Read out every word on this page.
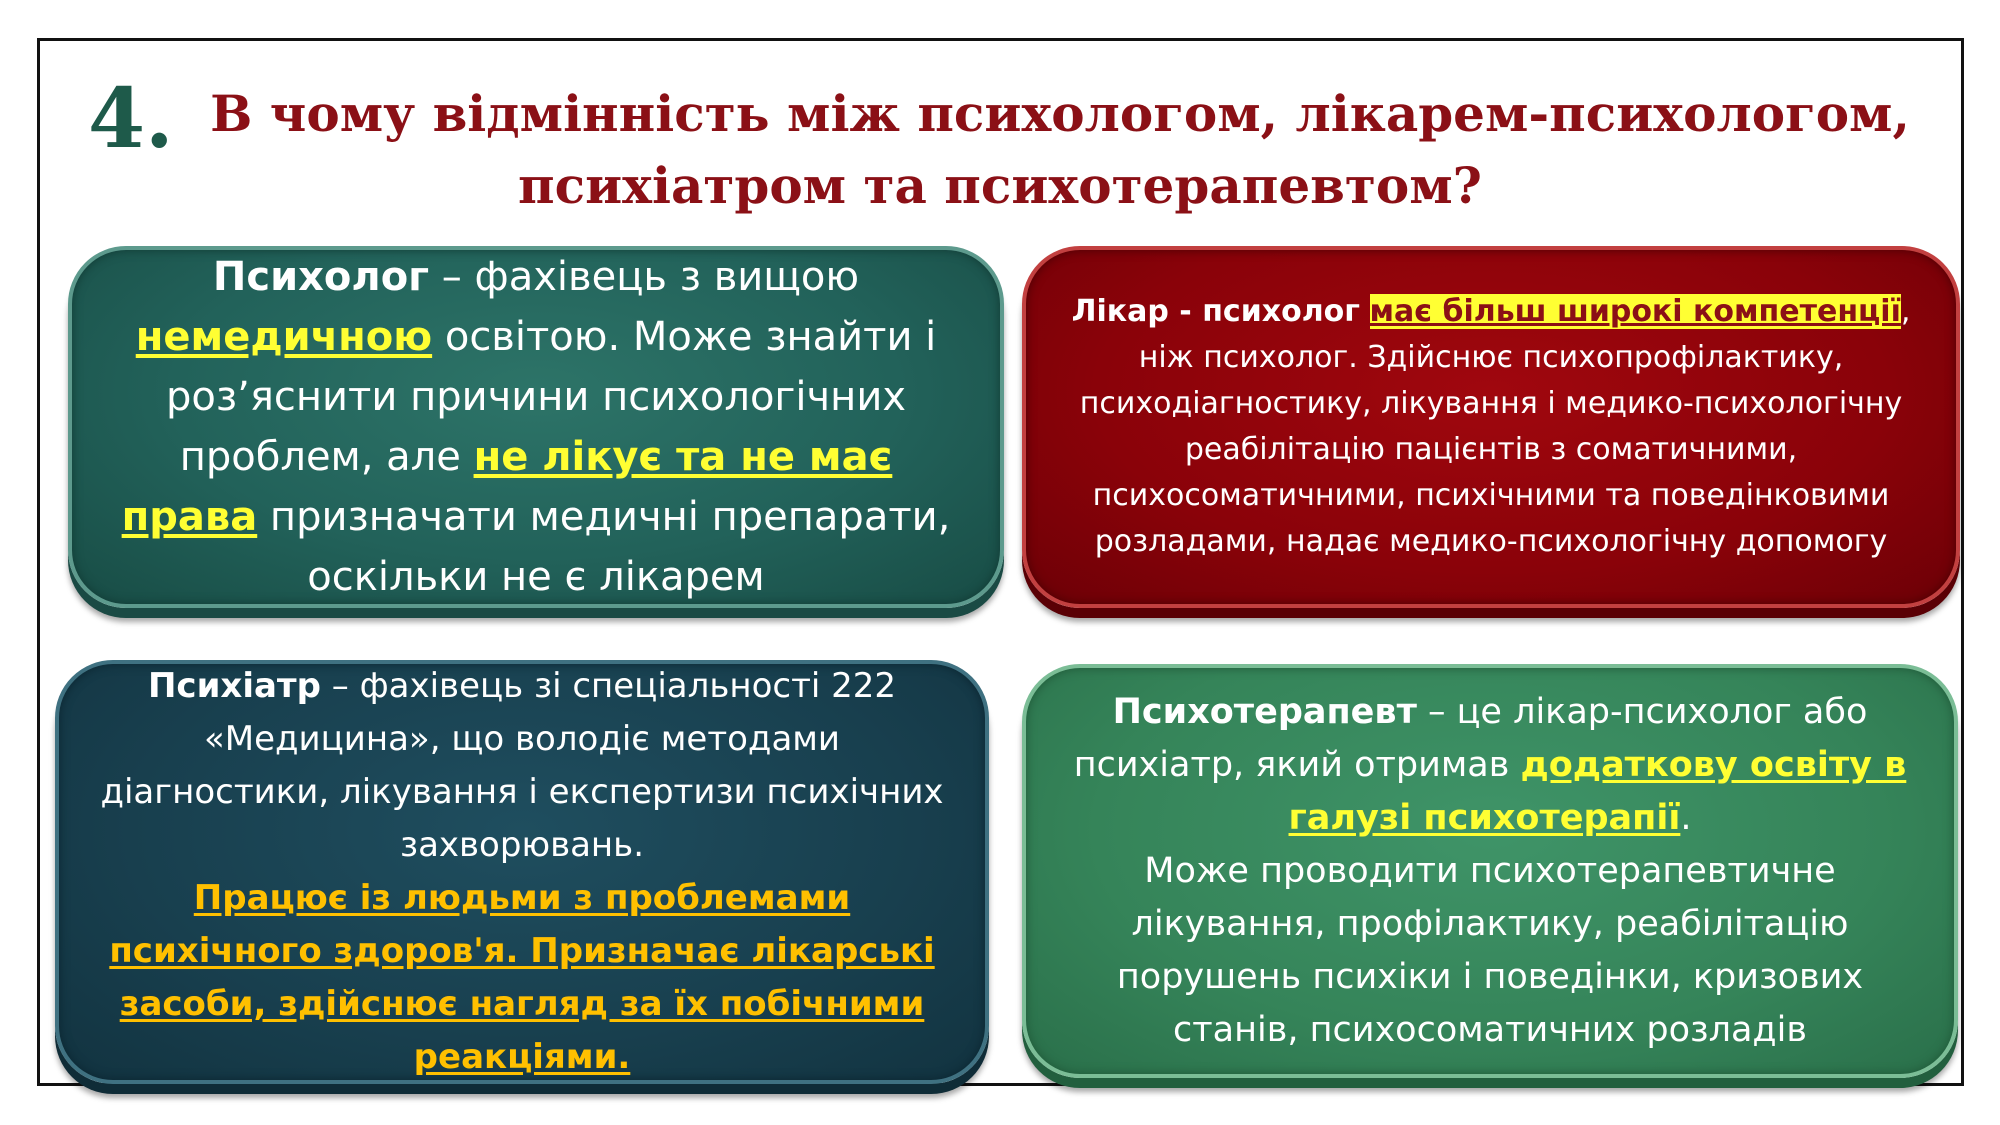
4. В чому відмінність між психологом, лікарем-психологом,
психіатром та психотерапевтом?

Психолог – фахівець з вищою немедичною освітою. Може знайти і роз’яснити причини психологічних проблем, але не лікує та не має права призначати медичні препарати, оскільки не є лікарем

Лікар - психолог має більш широкі компетенції, ніж психолог. Здійснює психопрофілактику, психодіагностику, лікування і медико-психологічну реабілітацію пацієнтів з соматичними, психосоматичними, психічними та поведінковими розладами, надає медико-психологічну допомогу

Психіатр – фахівець зі спеціальності 222 «Медицина», що володіє методами діагностики, лікування і експертизи психічних захворювань.

Працює із людьми з проблемами психічного здоров'я. Призначає лікарські засоби, здійснює нагляд за їх побічними реакціями.

Психотерапевт – це лікар-психолог або психіатр, який отримав додаткову освіту в галузі психотерапії.

Може проводити психотерапевтичне лікування, профілактику, реабілітацію порушень психіки і поведінки, кризових станів, психосоматичних розладів
